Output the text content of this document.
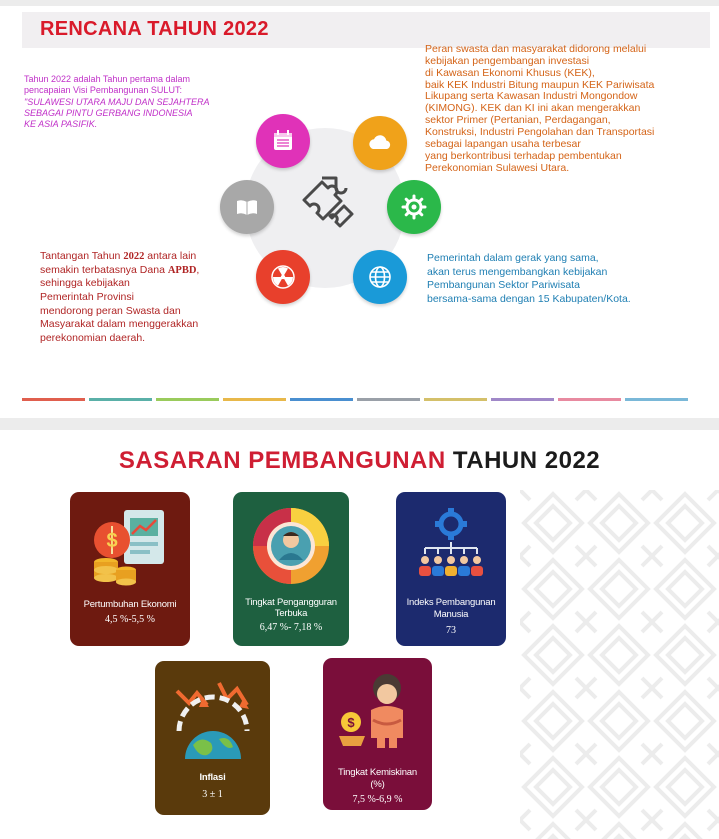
RENCANA TAHUN 2022
Tahun 2022 adalah Tahun pertama dalam
pencapaian Visi Pembangunan SULUT:
"SULAWESI UTARA MAJU DAN SEJAHTERA
SEBAGAI PINTU GERBANG INDONESIA
KE ASIA PASIFIK.
Tantangan Tahun 2022 antara lain
semakin terbatasnya Dana APBD,
sehingga kebijakan
Pemerintah Provinsi
mendorong peran Swasta dan
Masyarakat dalam menggerakkan
perekonomian daerah.
Peran swasta dan masyarakat didorong melalui
kebijakan pengembangan investasi
di Kawasan Ekonomi Khusus (KEK),
baik KEK Industri Bitung maupun KEK Pariwisata
Likupang serta Kawasan Industri Mongondow
(KIMONG). KEK dan KI ini akan mengerakkan
sektor Primer (Pertanian, Perdagangan,
Konstruksi, Industri Pengolahan dan Transportasi
sebagai lapangan usaha terbesar
yang berkontribusi terhadap pembentukan
Perekonomian Sulawesi Utara.
Pemerintah dalam gerak yang sama,
akan terus mengembangkan kebijakan
Pembangunan Sektor Pariwisata
bersama-sama dengan 15 Kabupaten/Kota.
SASARAN PEMBANGUNAN TAHUN 2022
$
Pertumbuhan Ekonomi
4,5 %-5,5 %
Tingkat Pengangguran
Terbuka
6,47 %- 7,18 %
Indeks Pembangunan
Manusia
73
Inflasi
3 ± 1
$
Tingkat Kemiskinan
(%)
7,5 %-6,9 %
